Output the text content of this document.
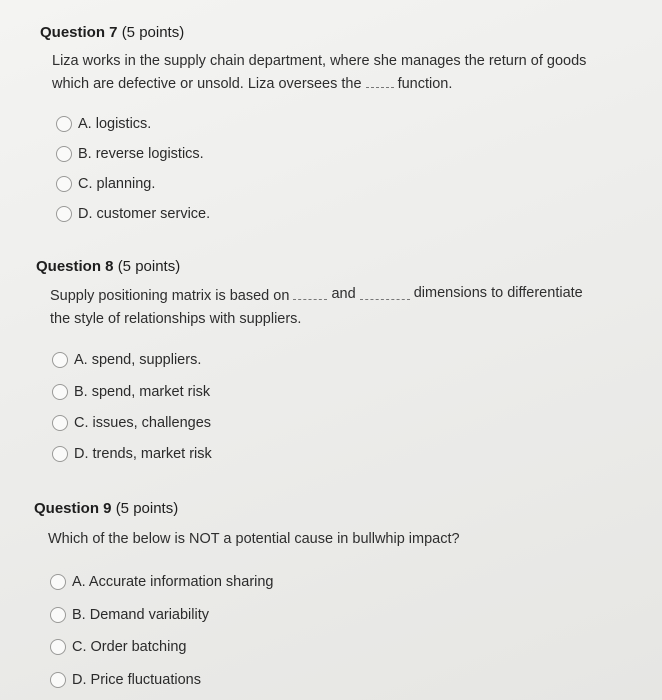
Question 7 (5 points)
Liza works in the supply chain department, where she manages the return of goods
which are defective or unsold. Liza oversees the function.
A. logistics.
B. reverse logistics.
C. planning.
D. customer service.
Question 8 (5 points)
Supply positioning matrix is based on	and	dimensions to differentiate
the style of relationships with suppliers.
A. spend, suppliers.
B. spend, market risk
C. issues, challenges
D. trends, market risk
Question 9 (5 points)
Which of the below is NOT a potential cause in bullwhip impact?
A. Accurate information sharing
B. Demand variability
C. Order batching
D. Price fluctuations
